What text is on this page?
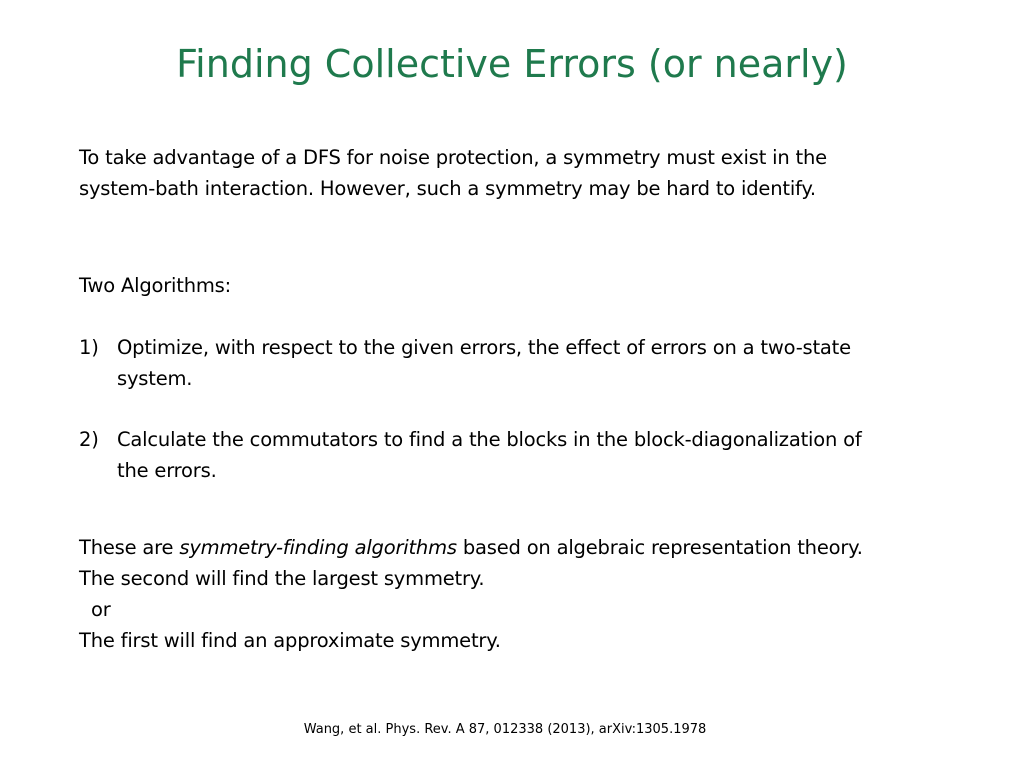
Finding Collective Errors (or nearly)
To take advantage of a DFS for noise protection, a symmetry must exist in the
system-bath interaction. However, such a symmetry may be hard to identify.
Two Algorithms:
1) Optimize, with respect to the given errors, the effect of errors on a two-state
system.
2) Calculate the commutators to find a the blocks in the block-diagonalization of
the errors.
These are symmetry-finding algorithms based on algebraic representation theory.
The second will find the largest symmetry.
or
The first will find an approximate symmetry.
Wang, et al. Phys. Rev. A 87, 012338 (2013), arXiv:1305.1978
